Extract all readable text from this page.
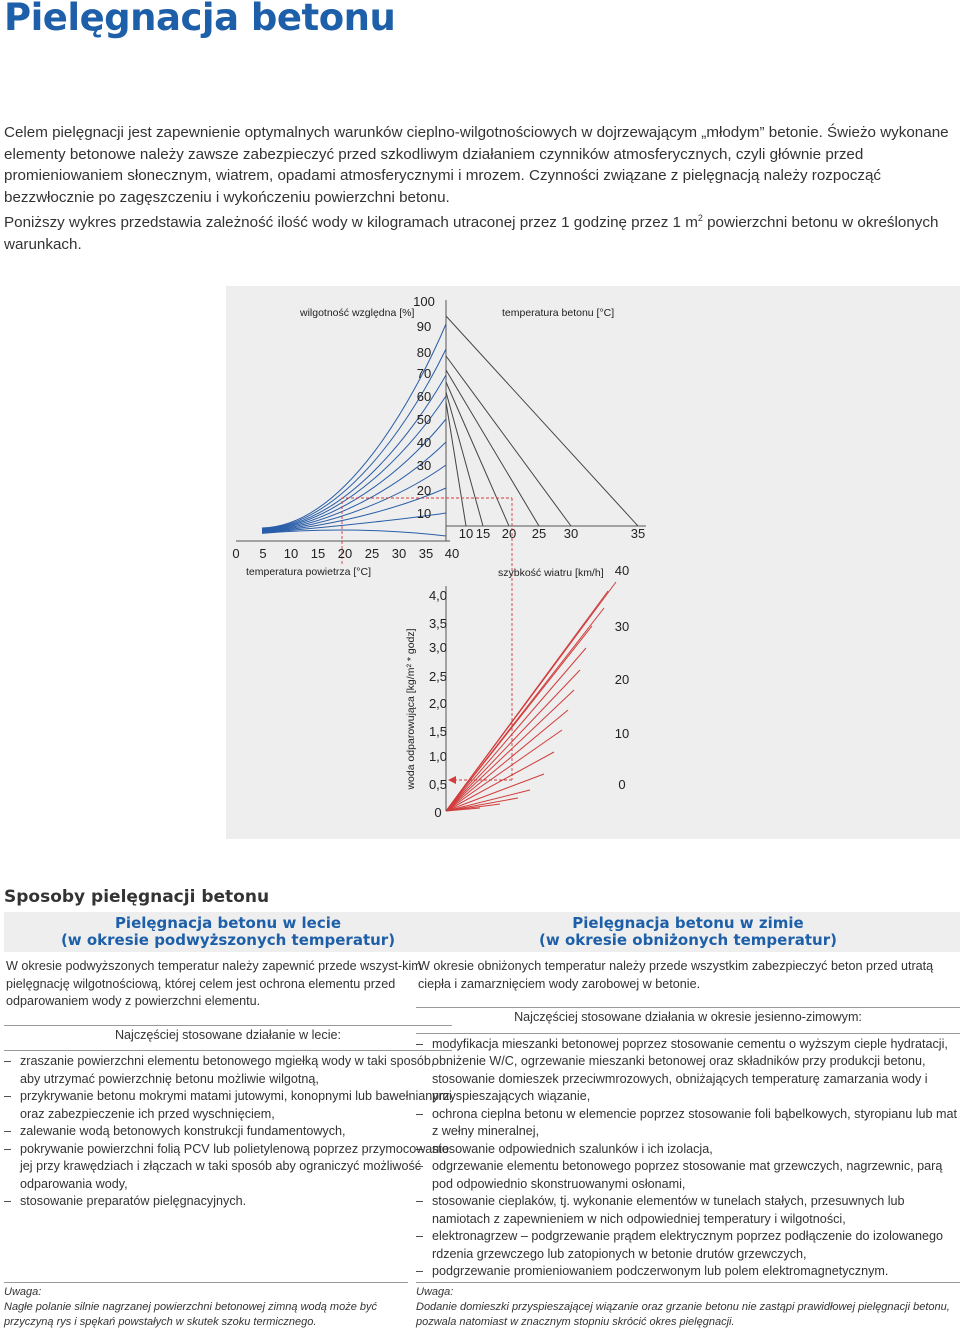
Pielęgnacja betonu

Celem pielęgnacji jest zapewnienie optymalnych warunków cieplno-wilgotnościowych w dojrzewającym „młodym” betonie. Świeżo wykonane elementy betonowe należy zawsze zabezpieczyć przed szkodliwym działaniem czynników atmosferycznych, czyli głównie przed promieniowaniem słonecznym, wiatrem, opadami atmosferycznymi i mrozem. Czynności związane z pielęgnacją należy rozpocząć bezzwłocznie po zagęszczeniu i wykończeniu powierzchni betonu.

Poniższy wykres przedstawia zależność ilość wody w kilogramach utraconej przez 1 godzinę przez 1 $m^2$ powierzchni betonu w określonych warunkach.

wilgotność względna [%]
100
90
80
70
60
50
40
30
20
10
0 5 10 15 20 25 30 35 40
temperatura powietrza [°C]
temperatura betonu [°C]
10 15 20 25 30	35
szybkość wiatru [km/h] 40
30
20
10
0
4,0
3,5
3,0
2,5
2,0
1,5
1,0
0,5
0
woda odparowująca [kg/m² * godz]
Sposoby pielęgnacji betonu
Pielęgnacja betonu w lecie
(w okresie podwyższonych temperatur)

W okresie podwyższonych temperatur należy zapewnić przede wszyst-kim pielęgnację wilgotnościową, której celem jest ochrona elementu przed odparowaniem wody z powierzchni elementu.

Najczęściej stosowane działanie w lecie:
– zraszanie powierzchni elementu betonowego mgiełką wody w taki sposób, aby utrzymać powierzchnię betonu możliwie wilgotną,
– przykrywanie betonu mokrymi matami jutowymi, konopnymi lub bawełnianymi oraz zabezpieczenie ich przed wyschnięciem,
– zalewanie wodą betonowych konstrukcji fundamentowych,
– pokrywanie powierzchni folią PCV lub polietylenową poprzez przymocowanie jej przy krawędziach i złączach w taki sposób aby ograniczyć możliwość odparowania wody,
– stosowanie preparatów pielęgnacyjnych.
Pielęgnacja betonu w zimie
(w okresie obniżonych temperatur)

W okresie obniżonych temperatur należy przede wszystkim zabezpieczyć beton przed utratą ciepła i zamarznięciem wody zarobowej w betonie.

Najczęściej stosowane działania w okresie jesienno-zimowym:
– modyfikacja mieszanki betonowej poprzez stosowanie cementu o wyższym cieple hydratacji, obniżenie W/C, ogrzewanie mieszanki betonowej oraz składników przy produkcji betonu, stosowanie domieszek przeciwmrozowych, obniżających temperaturę zamarzania wody i przyspieszających wiązanie,
– ochrona cieplna betonu w elemencie poprzez stosowanie foli bąbelkowych, styropianu lub mat z wełny mineralnej,
– stosowanie odpowiednich szalunków i ich izolacja,
– odgrzewanie elementu betonowego poprzez stosowanie mat grzewczych, nagrzewnic, parą pod odpowiednio skonstruowanymi osłonami,
– stosowanie cieplaków, tj. wykonanie elementów w tunelach stałych, przesuwnych lub namiotach z zapewnieniem w nich odpowiedniej temperatury i wilgotności,
– elektronagrzew – podgrzewanie prądem elektrycznym poprzez podłączenie do izolowanego rdzenia grzewczego lub zatopionych w betonie drutów grzewczych,
– podgrzewanie promieniowaniem podczerwonym lub polem elektromagnetycznym.
Uwaga:
Nagłe polanie silnie nagrzanej powierzchni betonowej zimną wodą może być przyczyną rys i spękań powstałych w skutek szoku termicznego.
Uwaga:
Dodanie domieszki przyspieszającej wiązanie oraz grzanie betonu nie zastąpi prawidłowej pielęgnacji betonu, pozwala natomiast w znacznym stopniu skrócić okres pielęgnacji.
